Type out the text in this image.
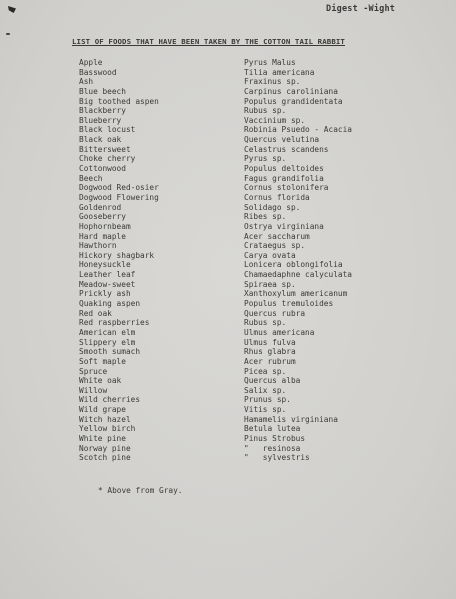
Digest -Wight
LIST OF FOODS THAT HAVE BEEN TAKEN BY THE COTTON TAIL RABBIT
Apple	Pyrus Malus
Basswood	Tilia americana
Ash	Fraxinus sp.
Blue beech	Carpinus caroliniana
Big toothed aspen	Populus grandidentata
Blackberry	Rubus sp.
Blueberry	Vaccinium sp.
Black locust	Robinia Psuedo - Acacia
Black oak	Quercus velutina
Bittersweet	Celastrus scandens
Choke cherry	Pyrus sp.
Cottonwood	Populus deltoides
Beech	Fagus grandifolia
Dogwood Red-osier	Cornus stolonifera
Dogwood Flowering	Cornus florida
Goldenrod	Solidago sp.
Gooseberry	Ribes sp.
Hophornbeam	Ostrya virginiana
Hard maple	Acer saccharum
Hawthorn	Crataegus sp.
Hickory shagbark	Carya ovata
Honeysuckle	Lonicera oblongifolia
Leather leaf	Chamaedaphne calyculata
Meadow-sweet	Spiraea sp.
Prickly ash	Xanthoxylum americanum
Quaking aspen	Populus tremuloides
Red oak	Quercus rubra
Red raspberries	Rubus sp.
American elm	Ulmus americana
Slippery elm	Ulmus fulva
Smooth sumach	Rhus glabra
Soft maple	Acer rubrum
Spruce	Picea sp.
White oak	Quercus alba
Willow	Salix sp.
Wild cherries	Prunus sp.
Wild grape	Vitis sp.
Witch hazel	Hamamelis virginiana
Yellow birch	Betula lutea
White pine	Pinus Strobus
Norway pine	"   resinosa
Scotch pine	"   sylvestris
* Above from Gray.
